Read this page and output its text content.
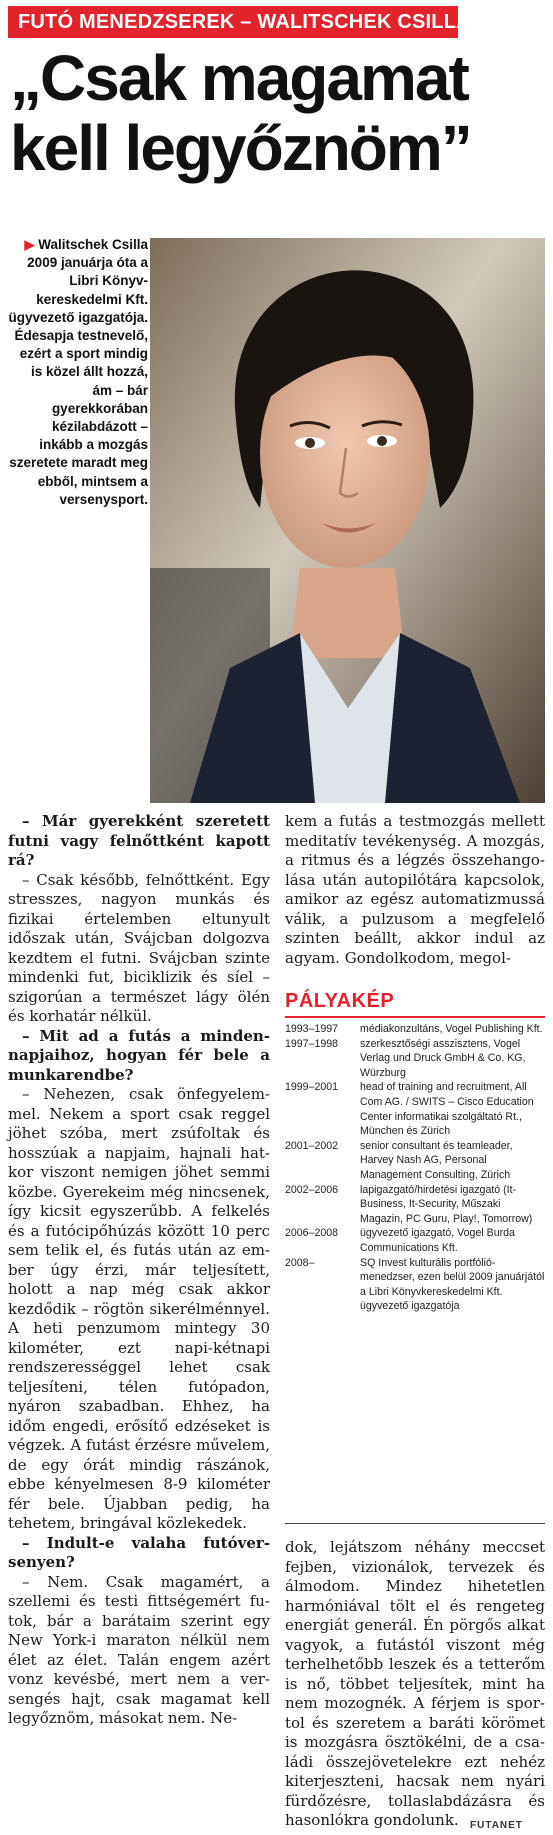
FUTÓ MENEDZSEREK – WALITSCHEK CSILLA
„Csak magamat
kell legyőznöm”
▶ Walitschek Csilla 2009 januárja óta a Libri Könyvkereskedelmi Kft. ügyvezető igazgatója. Édesapja testnevelő, ezért a sport mindig is közel állt hozzá, ám – bár gyerekkorában kézilabdázott – inkább a mozgás szeretete maradt meg ebből, mintsem a versenysport.

– Már gyerekként szeretett futni vagy felnőttként kapott rá?

– Csak később, felnőttként. Egy stresszes, nagyon munkás és fizikai értelemben eltunyult időszak után, Svájcban dolgozva kezdtem el futni. Svájcban szinte mindenki fut, biciklizik és síel – szigorúan a természet lágy ölén és korhatár nélkül.

– Mit ad a futás a mindennapjaihoz, hogyan fér bele a munkarendbe?

– Nehezen, csak önfegyelemmel. Nekem a sport csak reggel jöhet szóba, mert zsúfoltak és hosszúak a napjaim, hajnali hatkor viszont nemigen jöhet semmi közbe. Gyerekeim még nincsenek, így kicsit egyszerűbb. A felkelés és a futócipőhúzás között 10 perc sem telik el, és futás után az ember úgy érzi, már teljesített, holott a nap még csak akkor kezdődik – rögtön sikerélménnyel. A heti penzumom mintegy 30 kilométer, ezt napi-kétnapi rendszerességgel lehet csak teljesíteni, télen futópadon, nyáron szabadban. Ehhez, ha időm engedi, erősítő edzéseket is végzek. A futást érzésre művelem, de egy órát mindig rászánok, ebbe kényelmesen 8-9 kilométer fér bele. Újabban pedig, ha tehetem, bringával közlekedek.

– Indult-e valaha futóversenyen?

– Nem. Csak magamért, a szellemi és testi fittségemért futok, bár a barátaim szerint egy New York-i maraton nélkül nem élet az élet. Talán engem azért vonz kevésbé, mert nem a versengés hajt, csak magamat kell legyőznöm, másokat nem. Ne-

kem a futás a testmozgás mellett meditatív tevékenység. A mozgás, a ritmus és a légzés összehangolása után autopilótára kapcsolok, amikor az egész automatizmussá válik, a pulzusom a megfelelő szinten beállt, akkor indul az agyam. Gondolkodom, megol-

PÁLYAKÉP
1993–1997	médiakonzultáns, Vogel Publishing Kft.
1997–1998	szerkesztőségi asszisztens, Vogel Verlag und Druck GmbH & Co. KG, Würzburg
1999–2001	head of training and recruitment, All Com AG. / SWITS – Cisco Education Center informatikai szolgáltató Rt., München és Zürich
2001–2002	senior consultant és teamleader, Harvey Nash AG, Personal Management Consulting, Zürich
2002–2006	lapigazgató/hirdetési igazgató (It-Business, It-Security, Műszaki Magazin, PC Guru, Play!, Tomorrow)
2006–2008	ügyvezető igazgató, Vogel Burda Communications Kft.
2008–	SQ Invest kulturális portfóliómenedzser, ezen belül 2009 januárjától a Libri Könyvkereskedelmi Kft. ügyvezető igazgatója

dok, lejátszom néhány meccset fejben, vizionálok, tervezek és álmodom. Mindez hihetetlen harmóniával tölt el és rengeteg energiát generál. Én pörgős alkat vagyok, a futástól viszont még terhelhetőbb leszek és a tetterőm is nő, többet teljesítek, mint ha nem mozognék. A férjem is sportol és szeretem a baráti körömet is mozgásra ösztökélni, de a családi összejövetelekre ezt nehéz kiterjeszteni, hacsak nem nyári fürdőzésre, tollaslabdázásra és hasonlókra gondolunk.	FUTANET
